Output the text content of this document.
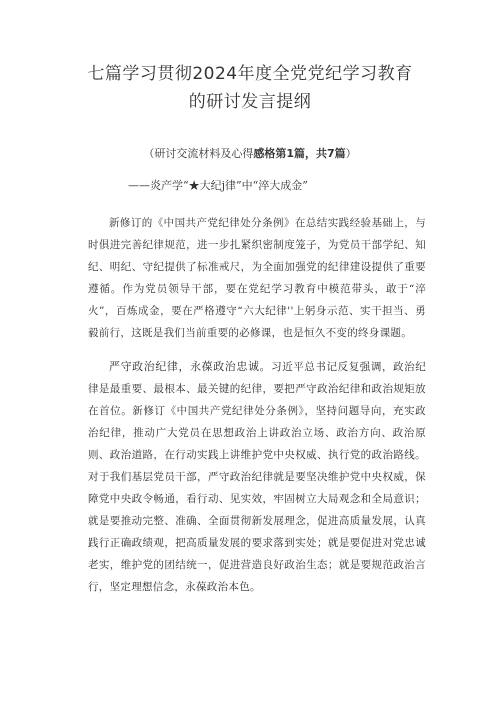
七篇学习贯彻2024年度全党党纪学习教育
的研讨发言提纲
（研讨交流材料及心得感格第1篇，共7篇）
——炎产学“★大纪j律”中“淬大成金”

新修订的《中国共产党纪律处分条例》在总结实践经验基础上，与时俱进完善纪律规范，进一步扎紧织密制度笼子，为党员干部学纪、知纪、明纪、守纪提供了标准戒尺，为全面加强党的纪律建设提供了重要遵循。作为党员领导干部，要在党纪学习教育中模范带头，敢于“淬火”，百炼成金，要在严格遵守“六大纪律''上躬身示范、实干担当、勇毅前行，这既是我们当前重要的必修课，也是恒久不变的终身课题。

严守政治纪律，永葆政治忠诚。习近平总书记反复强调，政治纪律是最重要、最根本、最关键的纪律，要把严守政治纪律和政治规矩放在首位。新修订《中国共产党纪律处分条例》，坚持问题导向，充实政治纪律，推动广大党员在思想政治上讲政治立场、政治方向、政治原则、政治道路，在行动实践上讲维护党中央权威、执行党的政治路线。对于我们基层党员干部，严守政治纪律就是要坚决维护党中央权威，保障党中央政令畅通，看行动、见实效，牢固树立大局观念和全局意识；就是要推动完整、准确、全面贯彻新发展理念，促进高质量发展，认真践行正确政绩观，把高质量发展的要求落到实处；就是要促进对党忠诚老实，维护党的团结统一，促进营造良好政治生态；就是要规范政治言行，坚定理想信念，永葆政治本色。
